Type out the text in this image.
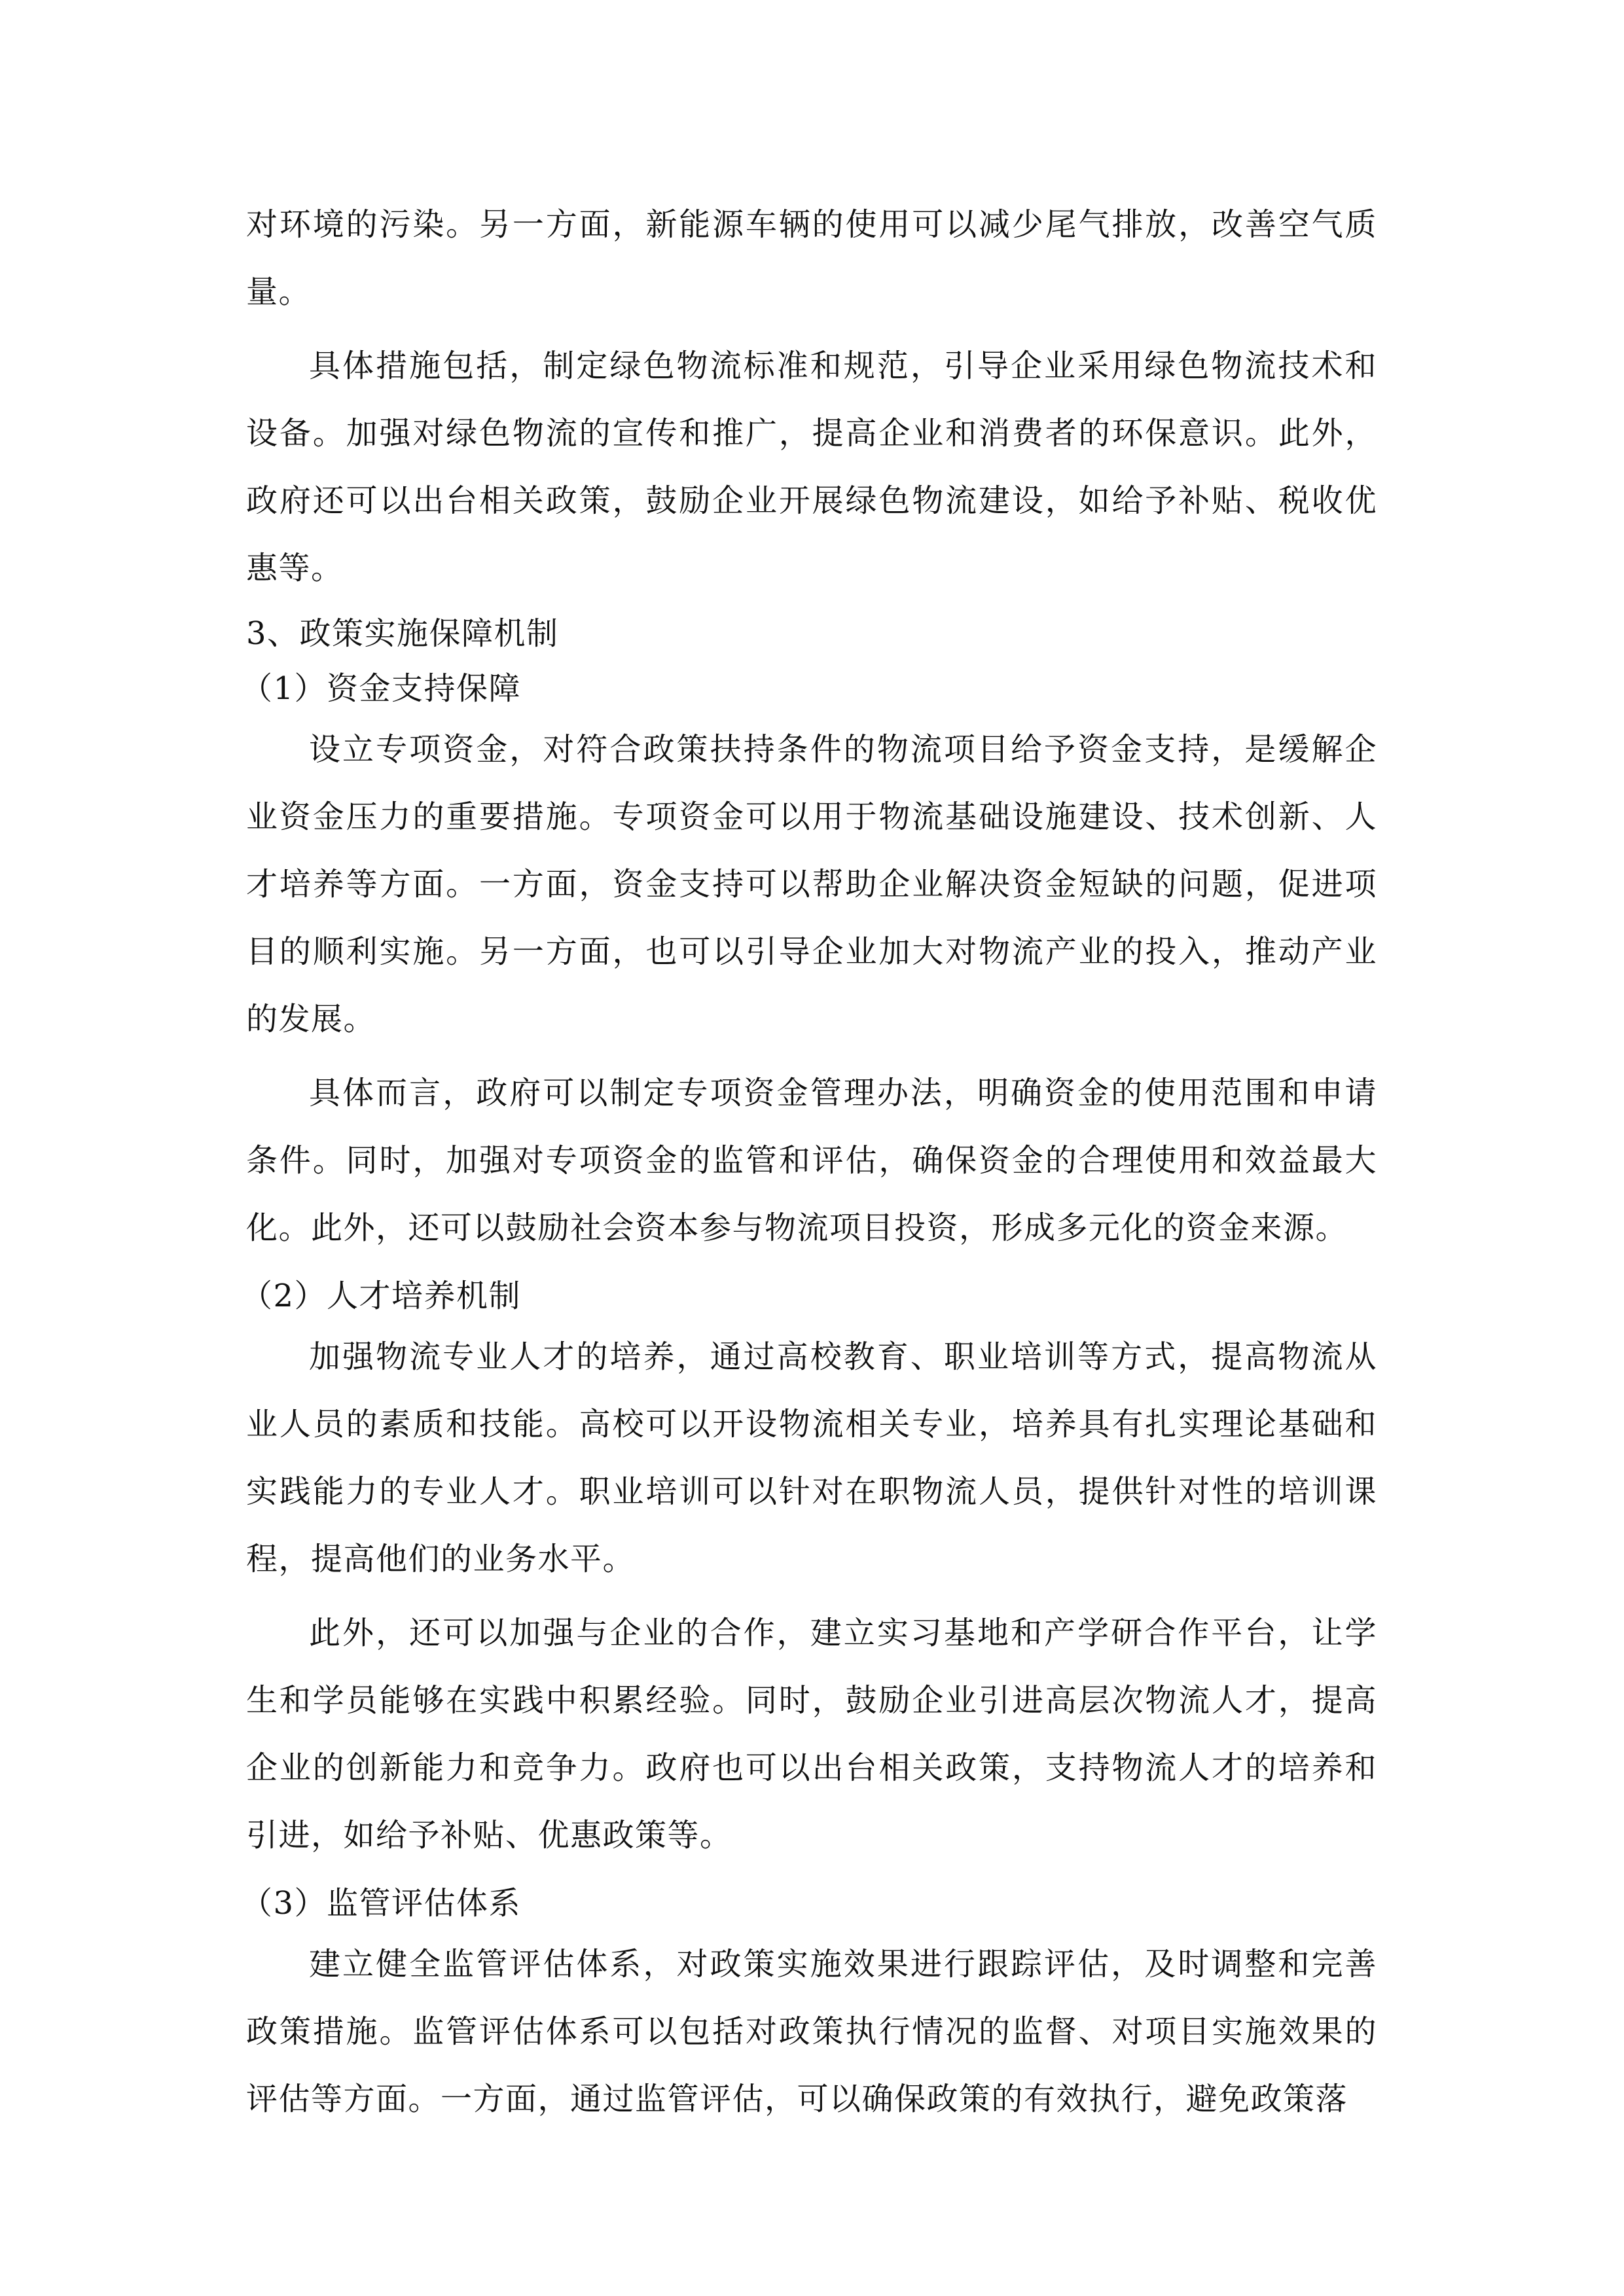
对环境的污染。另一方面，新能源车辆的使用可以减少尾气排放，改善空气质量。

具体措施包括，制定绿色物流标准和规范，引导企业采用绿色物流技术和设备。加强对绿色物流的宣传和推广，提高企业和消费者的环保意识。此外，政府还可以出台相关政策，鼓励企业开展绿色物流建设，如给予补贴、税收优惠等。

3、政策实施保障机制
（1）资金支持保障

设立专项资金，对符合政策扶持条件的物流项目给予资金支持，是缓解企业资金压力的重要措施。专项资金可以用于物流基础设施建设、技术创新、人才培养等方面。一方面，资金支持可以帮助企业解决资金短缺的问题，促进项目的顺利实施。另一方面，也可以引导企业加大对物流产业的投入，推动产业的发展。

具体而言，政府可以制定专项资金管理办法，明确资金的使用范围和申请条件。同时，加强对专项资金的监管和评估，确保资金的合理使用和效益最大化。此外，还可以鼓励社会资本参与物流项目投资，形成多元化的资金来源。

（2）人才培养机制

加强物流专业人才的培养，通过高校教育、职业培训等方式，提高物流从业人员的素质和技能。高校可以开设物流相关专业，培养具有扎实理论基础和实践能力的专业人才。职业培训可以针对在职物流人员，提供针对性的培训课程，提高他们的业务水平。

此外，还可以加强与企业的合作，建立实习基地和产学研合作平台，让学生和学员能够在实践中积累经验。同时，鼓励企业引进高层次物流人才，提高企业的创新能力和竞争力。政府也可以出台相关政策，支持物流人才的培养和引进，如给予补贴、优惠政策等。

（3）监管评估体系

建立健全监管评估体系，对政策实施效果进行跟踪评估，及时调整和完善政策措施。监管评估体系可以包括对政策执行情况的监督、对项目实施效果的评估等方面。一方面，通过监管评估，可以确保政策的有效执行，避免政策落
